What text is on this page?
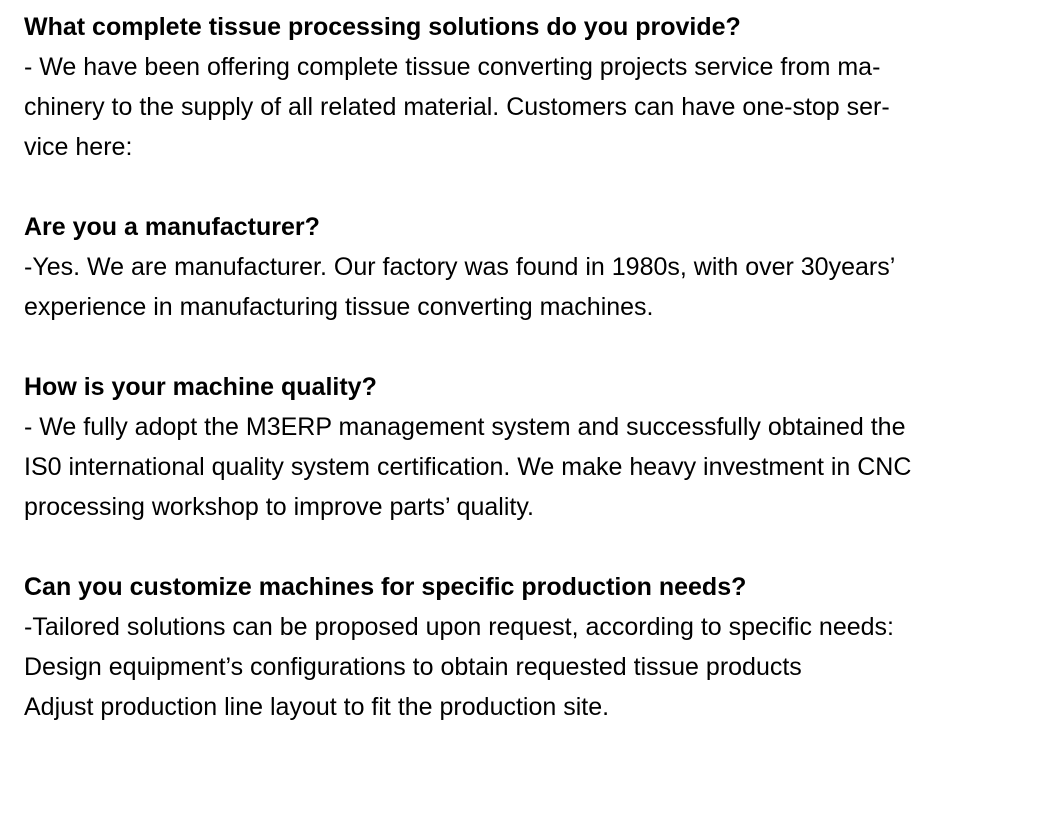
What complete tissue processing solutions do you provide?
- We have been offering complete tissue converting projects service from ma-
chinery to the supply of all related material. Customers can have one-stop ser-
vice here:
Are you a manufacturer?
-Yes. We are manufacturer. Our factory was found in 1980s, with over 30years’
experience in manufacturing tissue converting machines.
How is your machine quality?
- We fully adopt the M3ERP management system and successfully obtained the
IS0 international quality system certification. We make heavy investment in CNC
processing workshop to improve parts’ quality.
Can you customize machines for specific production needs?
-Tailored solutions can be proposed upon request, according to specific needs:
Design equipment’s configurations to obtain requested tissue products
Adjust production line layout to fit the production site.
